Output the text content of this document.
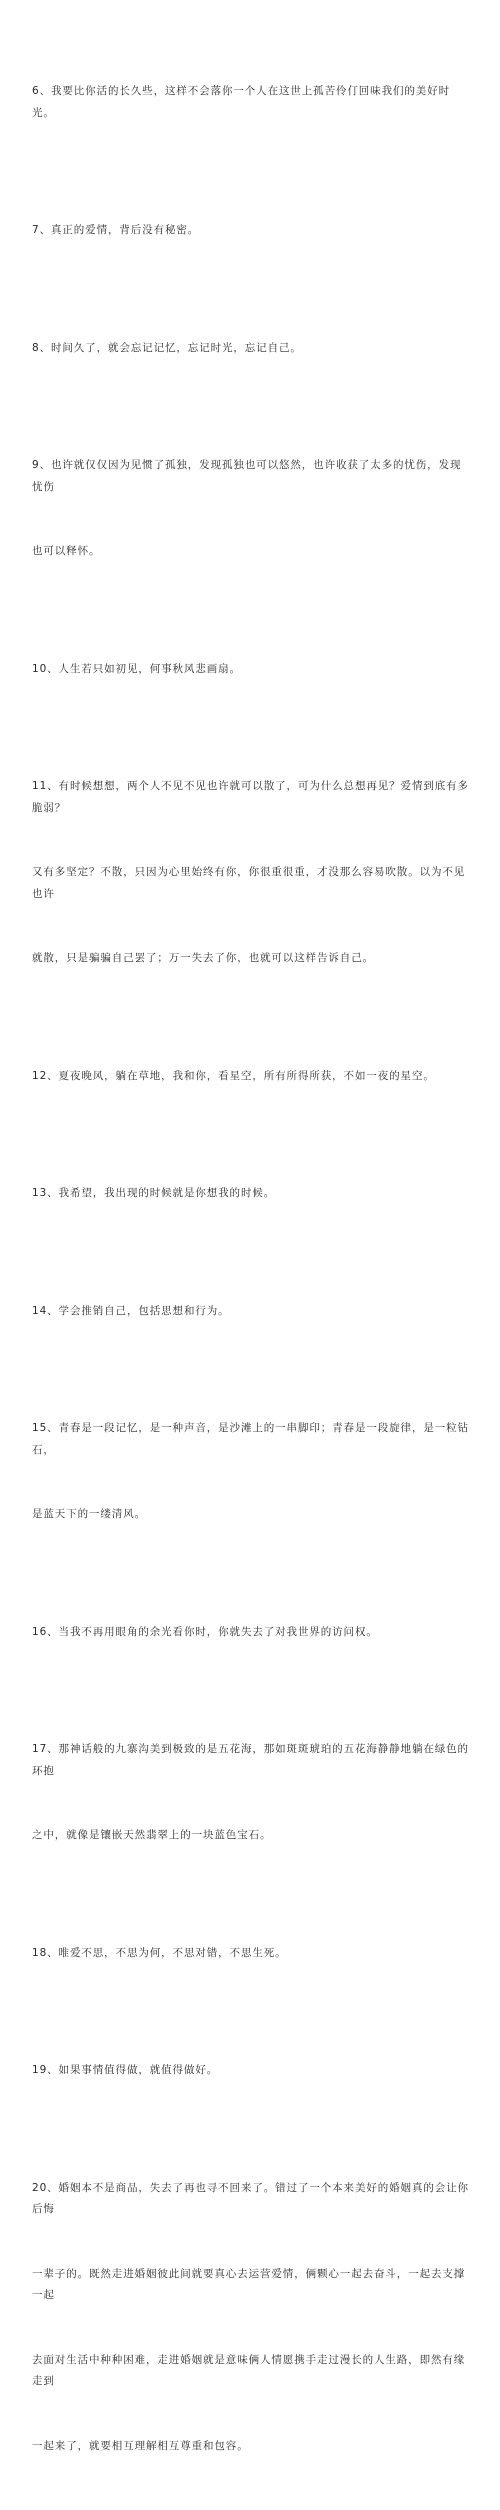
6、我要比你活的长久些，这样不会落你一个人在这世上孤苦伶仃回味我们的美好时光。

7、真正的爱情，背后没有秘密。

8、时间久了，就会忘记记忆，忘记时光，忘记自己。

9、也许就仅仅因为见惯了孤独，发现孤独也可以悠然，也许收获了太多的忧伤，发现忧伤

也可以释怀。

10、人生若只如初见，何事秋风悲画扇。

11、有时候想想，两个人不见不见也许就可以散了，可为什么总想再见？爱情到底有多脆弱？

又有多坚定？不散，只因为心里始终有你，你很重很重，才没那么容易吹散。以为不见也许

就散，只是骗骗自己罢了；万一失去了你，也就可以这样告诉自己。

12、夏夜晚风，躺在草地，我和你，看星空，所有所得所获，不如一夜的星空。

13、我希望，我出现的时候就是你想我的时候。

14、学会推销自己，包括思想和行为。

15、青春是一段记忆，是一种声音，是沙滩上的一串脚印；青春是一段旋律，是一粒钻石，

是蓝天下的一缕清风。

16、当我不再用眼角的余光看你时，你就失去了对我世界的访问权。

17、那神话般的九寨沟美到极致的是五花海，那如斑斑琥珀的五花海静静地躺在绿色的环抱

之中，就像是镶嵌天然翡翠上的一块蓝色宝石。

18、唯爱不思，不思为何，不思对错，不思生死。

19、如果事情值得做，就值得做好。

20、婚姻本不是商品，失去了再也寻不回来了。错过了一个本来美好的婚姻真的会让你后悔

一辈子的。既然走进婚姻彼此间就要真心去运营爱情，俩颗心一起去奋斗，一起去支撑一起

去面对生活中种种困难，走进婚姻就是意味俩人情愿携手走过漫长的人生路，即然有缘走到

一起来了，就要相互理解相互尊重和包容。
